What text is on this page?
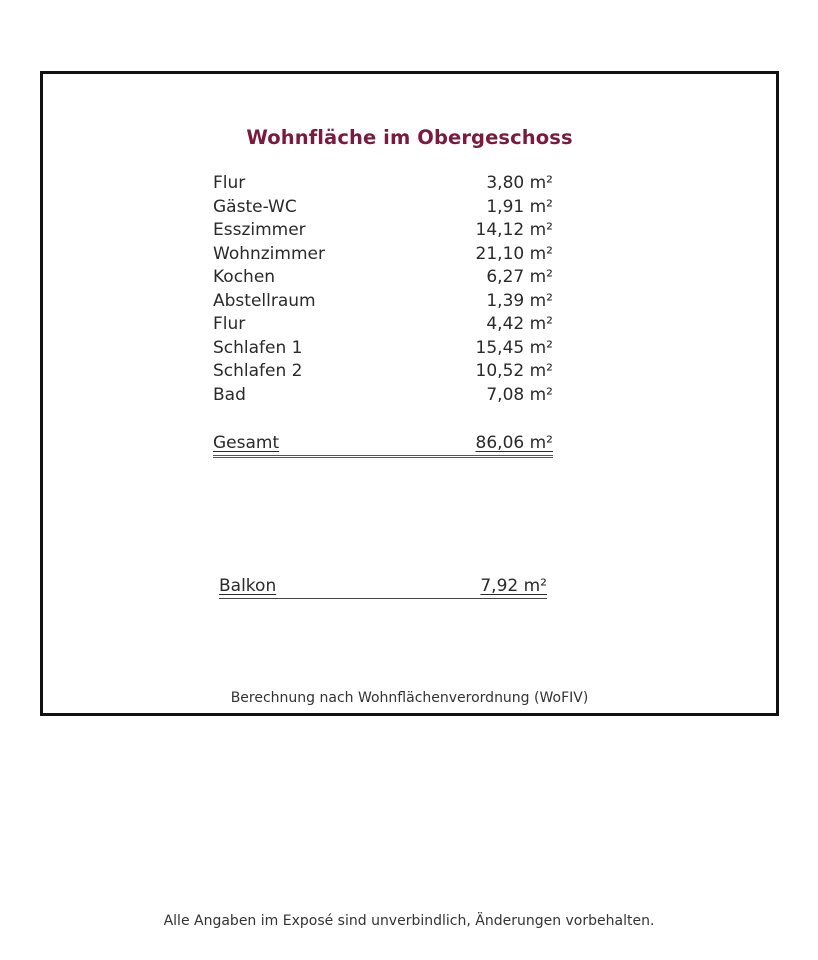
Wohnfläche im Obergeschoss
Flur	3,80 m²
Gäste-WC	1,91 m²
Esszimmer	14,12 m²
Wohnzimmer	21,10 m²
Kochen	6,27 m²
Abstellraum	1,39 m²
Flur	4,42 m²
Schlafen 1	15,45 m²
Schlafen 2	10,52 m²
Bad	7,08 m²
Gesamt	86,06 m²
Balkon	7,92 m²
Berechnung nach Wohnflächenverordnung (WoFIV)
Alle Angaben im Exposé sind unverbindlich, Änderungen vorbehalten.
